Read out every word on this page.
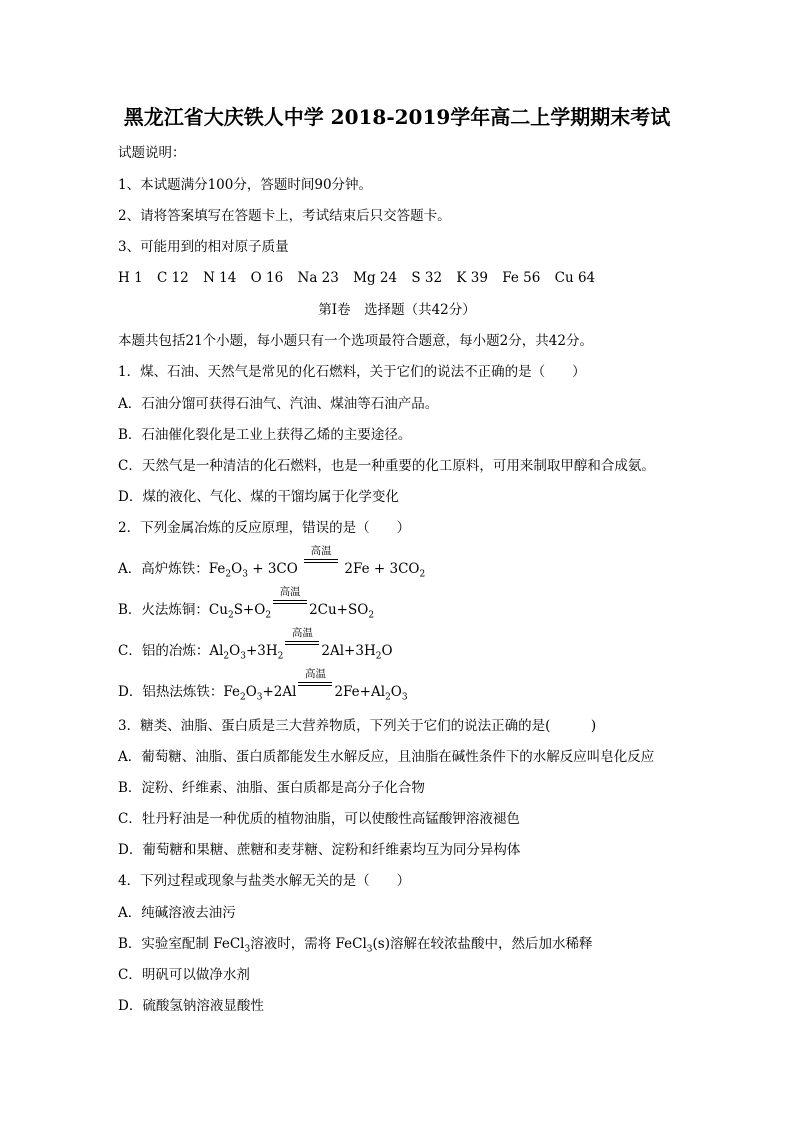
黑龙江省大庆铁人中学 2018-2019学年高二上学期期末考试
试题说明：
1、本试题满分100分，答题时间90分钟。
2、请将答案填写在答题卡上，考试结束后只交答题卡。
3、可能用到的相对原子质量
H 1 C 12 N 14 O 16 Na 23 Mg 24 S 32 K 39 Fe 56 Cu 64
第Ⅰ卷　选择题（共42分）
本题共包括21个小题，每小题只有一个选项最符合题意，每小题2分，共42分。
1．煤、石油、天然气是常见的化石燃料，关于它们的说法不正确的是（　　）
A．石油分馏可获得石油气、汽油、煤油等石油产品。
B．石油催化裂化是工业上获得乙烯的主要途径。
C．天然气是一种清洁的化石燃料，也是一种重要的化工原料，可用来制取甲醇和合成氨。
D．煤的液化、气化、煤的干馏均属于化学变化
2．下列金属冶炼的反应原理，错误的是（　　）
A．高炉炼铁：$Fe_2O_3 + 3CO$
高温
$2Fe + 3CO_2$
B．火法炼铜：$Cu_2S+O_2$
高温
$2Cu+SO_2$
C．铝的冶炼：$Al_2O_3+3H_2$
高温
$2Al+3H_2O$
D．铝热法炼铁：$Fe_2O_3+2Al$
高温
$2Fe+Al_2O_3$
3．糖类、油脂、蛋白质是三大营养物质，下列关于它们的说法正确的是(　　　)
A．葡萄糖、油脂、蛋白质都能发生水解反应，且油脂在碱性条件下的水解反应叫皂化反应
B．淀粉、纤维素、油脂、蛋白质都是高分子化合物
C．牡丹籽油是一种优质的植物油脂，可以使酸性高锰酸钾溶液褪色
D．葡萄糖和果糖、蔗糖和麦芽糖、淀粉和纤维素均互为同分异构体
4．下列过程或现象与盐类水解无关的是（　　）
A．纯碱溶液去油污
B．实验室配制 FeCl$_3$溶液时，需将 FeCl$_3$(s)溶解在较浓盐酸中，然后加水稀释
C．明矾可以做净水剂
D．硫酸氢钠溶液显酸性
